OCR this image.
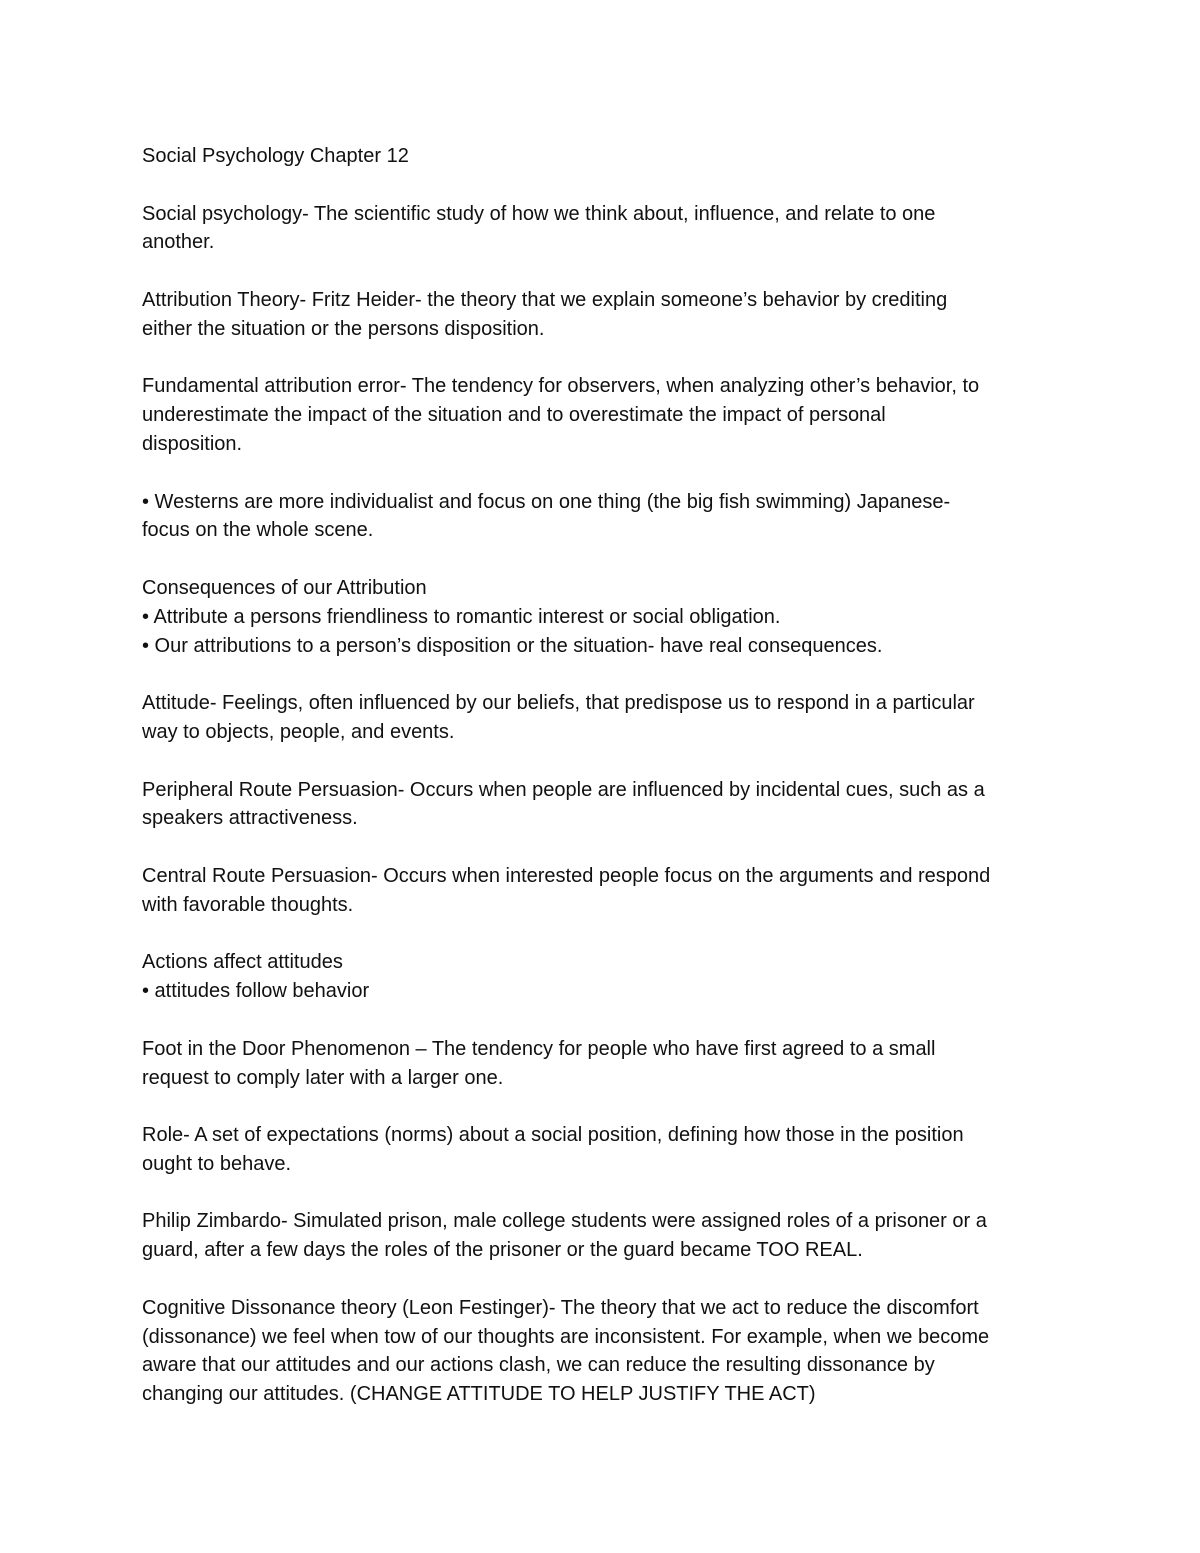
Social Psychology Chapter 12
Social psychology- The scientific study of how we think about, influence, and relate to one
another.
Attribution Theory- Fritz Heider- the theory that we explain someone’s behavior by crediting
either the situation or the persons disposition.
Fundamental attribution error- The tendency for observers, when analyzing other’s behavior, to
underestimate the impact of the situation and to overestimate the impact of personal
disposition.
• Westerns are more individualist and focus on one thing (the big fish swimming) Japanese-
focus on the whole scene.
Consequences of our Attribution
• Attribute a persons friendliness to romantic interest or social obligation.
• Our attributions to a person’s disposition or the situation- have real consequences.
Attitude- Feelings, often influenced by our beliefs, that predispose us to respond in a particular
way to objects, people, and events.
Peripheral Route Persuasion- Occurs when people are influenced by incidental cues, such as a
speakers attractiveness.
Central Route Persuasion- Occurs when interested people focus on the arguments and respond
with favorable thoughts.
Actions affect attitudes
• attitudes follow behavior
Foot in the Door Phenomenon – The tendency for people who have first agreed to a small
request to comply later with a larger one.
Role- A set of expectations (norms) about a social position, defining how those in the position
ought to behave.
Philip Zimbardo- Simulated prison, male college students were assigned roles of a prisoner or a
guard, after a few days the roles of the prisoner or the guard became TOO REAL.
Cognitive Dissonance theory (Leon Festinger)- The theory that we act to reduce the discomfort
(dissonance) we feel when tow of our thoughts are inconsistent. For example, when we become
aware that our attitudes and our actions clash, we can reduce the resulting dissonance by
changing our attitudes. (CHANGE ATTITUDE TO HELP JUSTIFY THE ACT)
